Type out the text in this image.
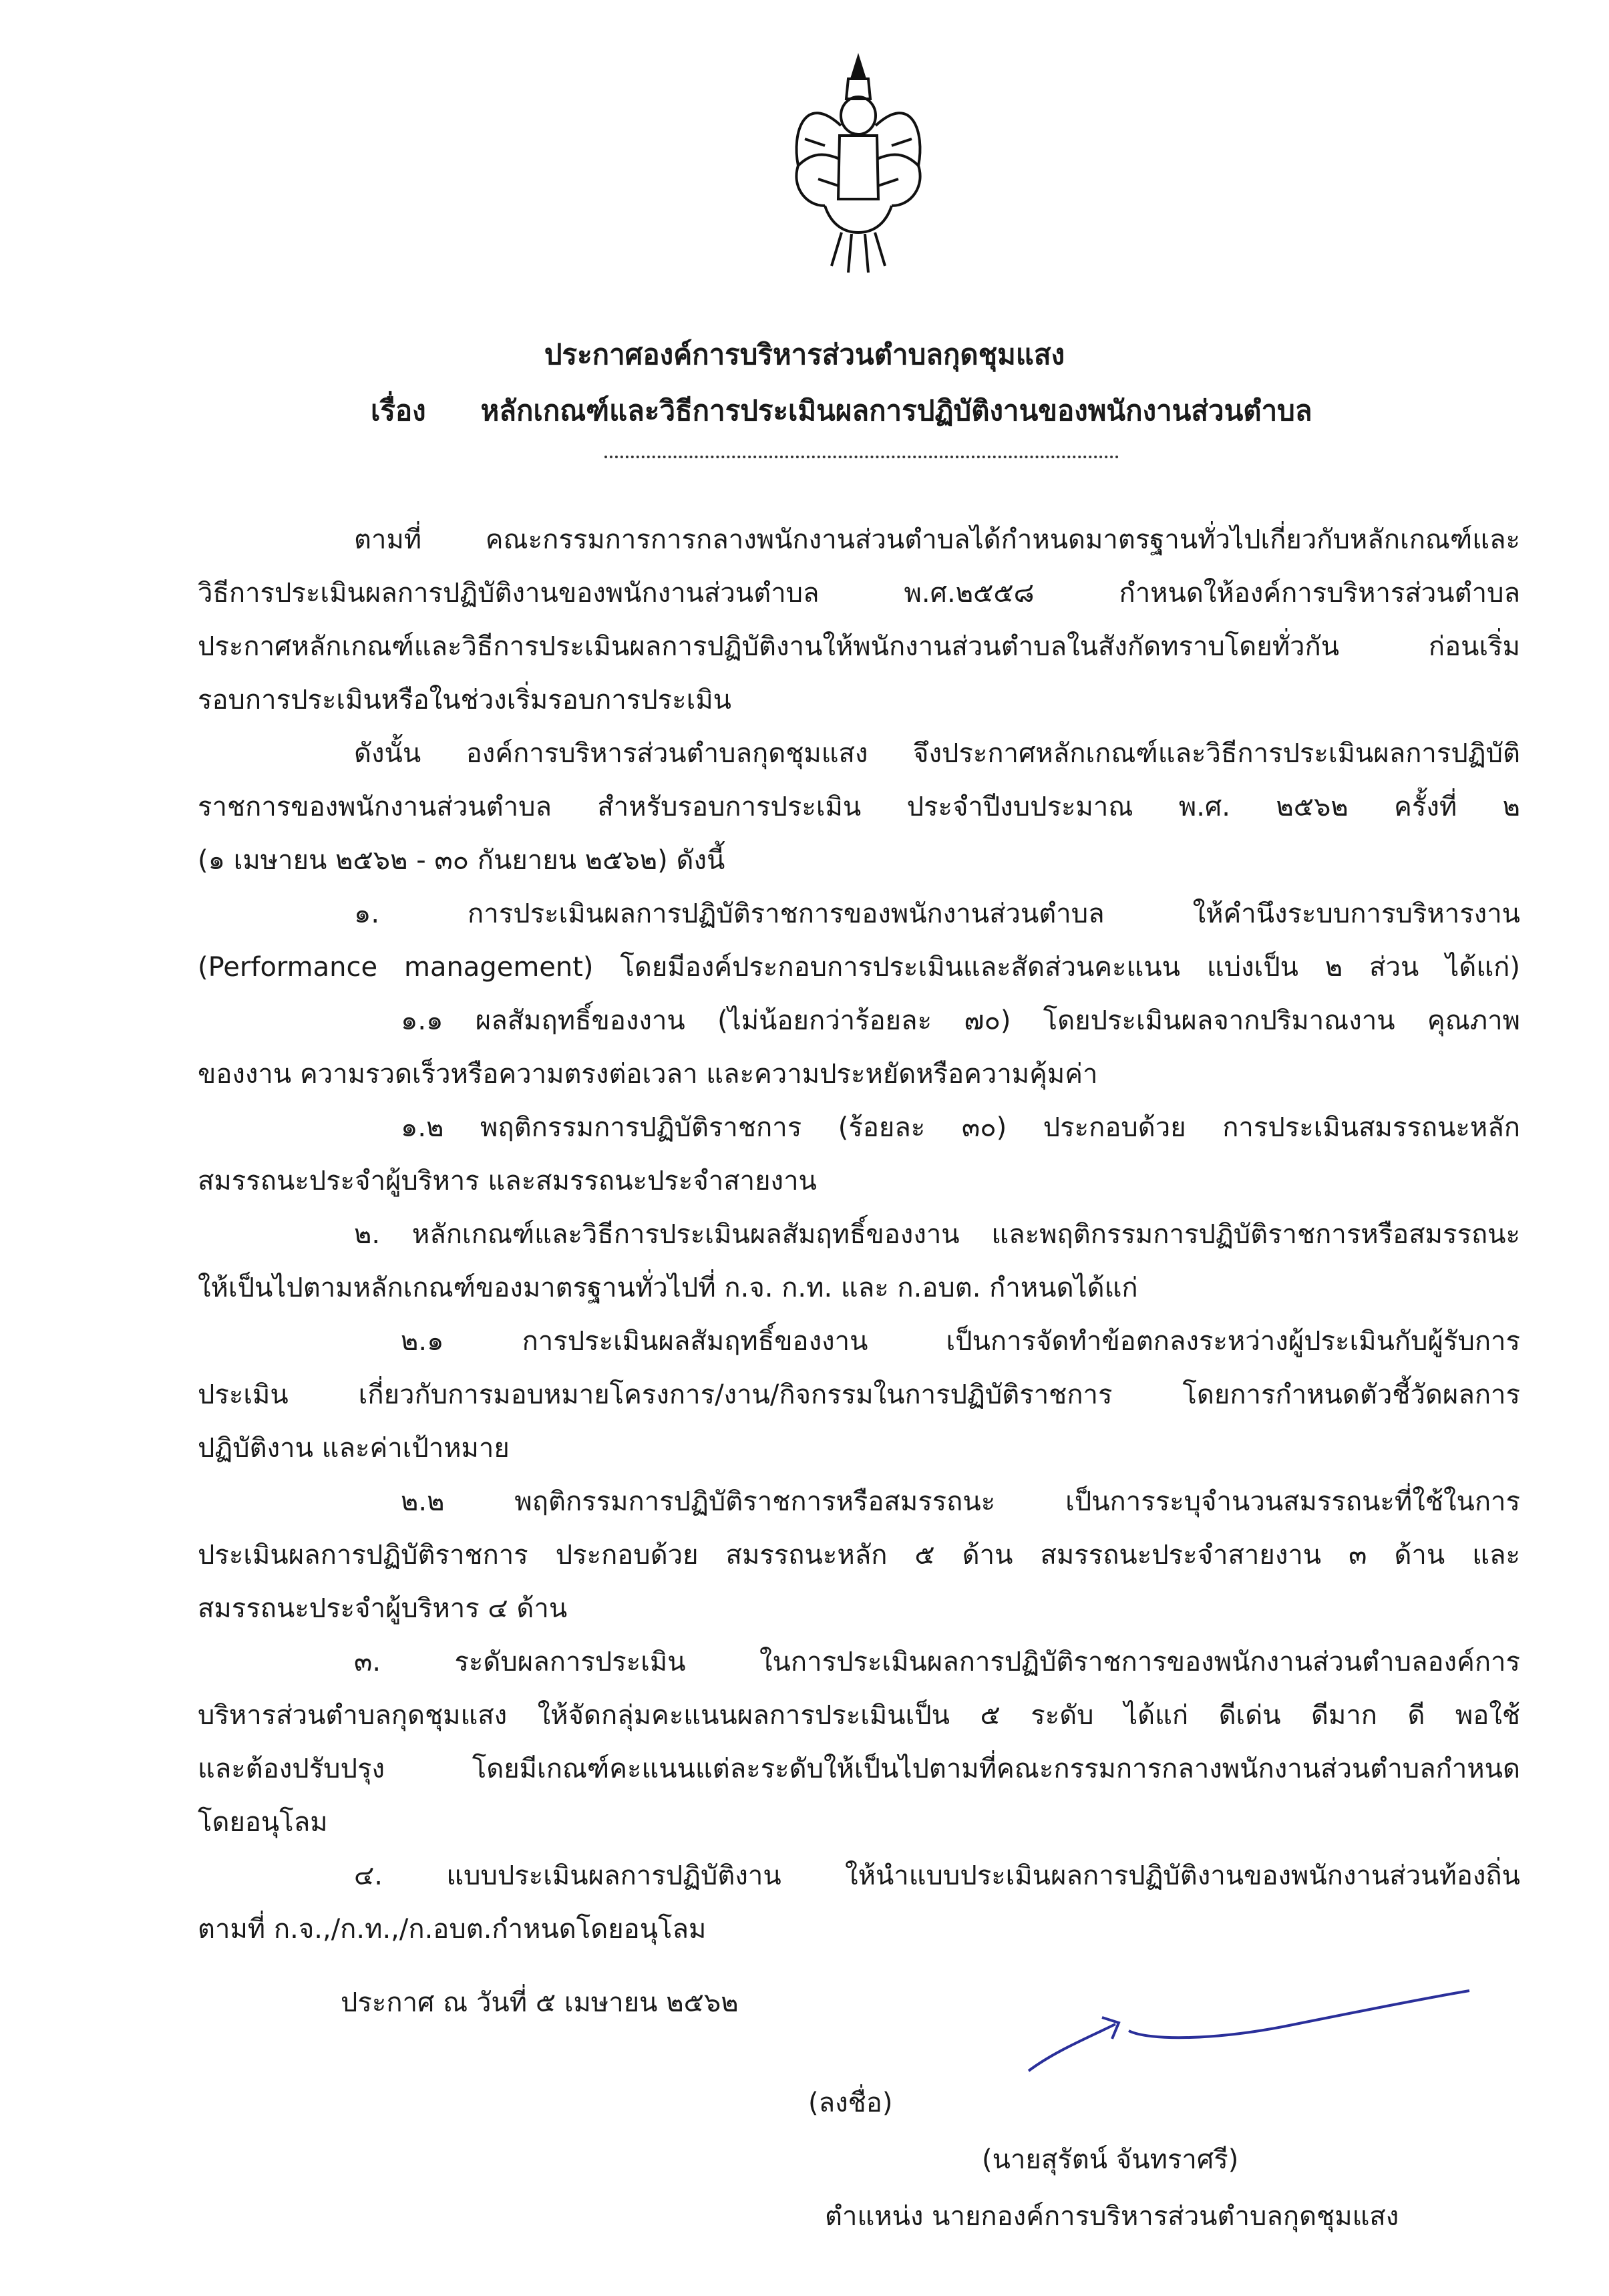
ประกาศองค์การบริหารส่วนตำบลกุดชุมแสง
เรื่อง หลักเกณฑ์และวิธีการประเมินผลการปฏิบัติงานของพนักงานส่วนตำบล
ตามที่ คณะกรรมการการกลางพนักงานส่วนตำบลได้กำหนดมาตรฐานทั่วไปเกี่ยวกับหลักเกณฑ์และ
วิธีการประเมินผลการปฏิบัติงานของพนักงานส่วนตำบล พ.ศ.๒๕๕๘ กำหนดให้องค์การบริหารส่วนตำบล
ประกาศหลักเกณฑ์และวิธีการประเมินผลการปฏิบัติงานให้พนักงานส่วนตำบลในสังกัดทราบโดยทั่วกัน ก่อนเริ่ม
รอบการประเมินหรือในช่วงเริ่มรอบการประเมิน
ดังนั้น องค์การบริหารส่วนตำบลกุดชุมแสง จึงประกาศหลักเกณฑ์และวิธีการประเมินผลการปฏิบัติ
ราชการของพนักงานส่วนตำบล สำหรับรอบการประเมิน ประจำปีงบประมาณ พ.ศ. ๒๕๖๒ ครั้งที่ ๒
(๑ เมษายน ๒๕๖๒ - ๓๐ กันยายน ๒๕๖๒) ดังนี้
๑. การประเมินผลการปฏิบัติราชการของพนักงานส่วนตำบล ให้คำนึงระบบการบริหารงาน
(Performance management) โดยมีองค์ประกอบการประเมินและสัดส่วนคะแนน แบ่งเป็น ๒ ส่วน ได้แก่)
๑.๑ ผลสัมฤทธิ์ของงาน (ไม่น้อยกว่าร้อยละ ๗๐) โดยประเมินผลจากปริมาณงาน คุณภาพ
ของงาน ความรวดเร็วหรือความตรงต่อเวลา และความประหยัดหรือความคุ้มค่า
๑.๒ พฤติกรรมการปฏิบัติราชการ (ร้อยละ ๓๐) ประกอบด้วย การประเมินสมรรถนะหลัก
สมรรถนะประจำผู้บริหาร และสมรรถนะประจำสายงาน
๒. หลักเกณฑ์และวิธีการประเมินผลสัมฤทธิ์ของงาน และพฤติกรรมการปฏิบัติราชการหรือสมรรถนะ
ให้เป็นไปตามหลักเกณฑ์ของมาตรฐานทั่วไปที่ ก.จ. ก.ท. และ ก.อบต. กำหนดได้แก่
๒.๑ การประเมินผลสัมฤทธิ์ของงาน เป็นการจัดทำข้อตกลงระหว่างผู้ประเมินกับผู้รับการ
ประเมิน เกี่ยวกับการมอบหมายโครงการ/งาน/กิจกรรมในการปฏิบัติราชการ โดยการกำหนดตัวชี้วัดผลการ
ปฏิบัติงาน และค่าเป้าหมาย
๒.๒ พฤติกรรมการปฏิบัติราชการหรือสมรรถนะ เป็นการระบุจำนวนสมรรถนะที่ใช้ในการ
ประเมินผลการปฏิบัติราชการ ประกอบด้วย สมรรถนะหลัก ๕ ด้าน สมรรถนะประจำสายงาน ๓ ด้าน และ
สมรรถนะประจำผู้บริหาร ๔ ด้าน
๓. ระดับผลการประเมิน ในการประเมินผลการปฏิบัติราชการของพนักงานส่วนตำบลองค์การ
บริหารส่วนตำบลกุดชุมแสง ให้จัดกลุ่มคะแนนผลการประเมินเป็น ๕ ระดับ ได้แก่ ดีเด่น ดีมาก ดี พอใช้
และต้องปรับปรุง โดยมีเกณฑ์คะแนนแต่ละระดับให้เป็นไปตามที่คณะกรรมการกลางพนักงานส่วนตำบลกำหนด
โดยอนุโลม
๔. แบบประเมินผลการปฏิบัติงาน ให้นำแบบประเมินผลการปฏิบัติงานของพนักงานส่วนท้องถิ่น
ตามที่ ก.จ.,/ก.ท.,/ก.อบต.กำหนดโดยอนุโลม
ประกาศ ณ วันที่ ๕ เมษายน ๒๕๖๒
(ลงชื่อ)
(นายสุรัตน์ จันทราศรี)
ตำแหน่ง นายกองค์การบริหารส่วนตำบลกุดชุมแสง
